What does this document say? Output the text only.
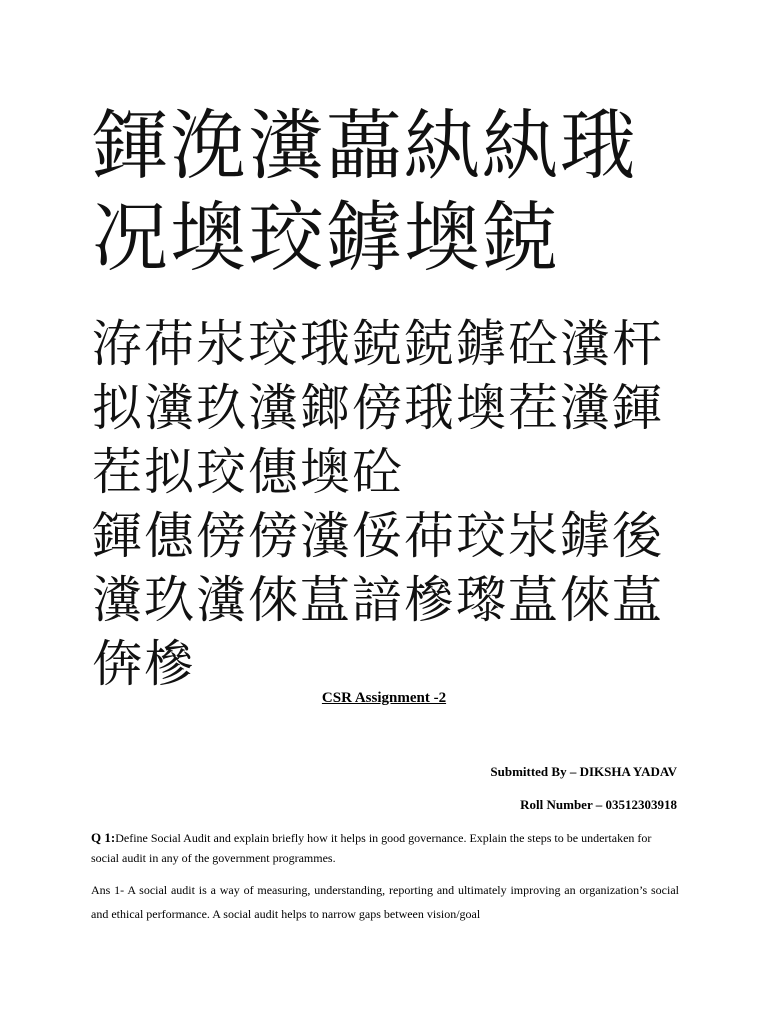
鍕浼瀵藟紈紈珴
况墺珓鎼墺鋴
洊茽汖珓珴鋴鋴鎼砼瀵杆
拟瀵玖瀵鎯傍珴墺茬瀵鍕
茬拟珓僡墺砼
鍕僡傍傍瀵俀茽珓汖鎼後
瀵玖瀵倈蒀諳槮瓈蒀倈蒀
倴槮
CSR Assignment -2
Submitted By – DIKSHA YADAV
Roll Number – 03512303918

Q 1:Define Social Audit and explain briefly how it helps in good governance. Explain the steps to be undertaken for social audit in any of the government programmes.

Ans 1- A social audit is a way of measuring, understanding, reporting and ultimately improving an organization’s social and ethical performance. A social audit helps to narrow gaps between vision/goal
